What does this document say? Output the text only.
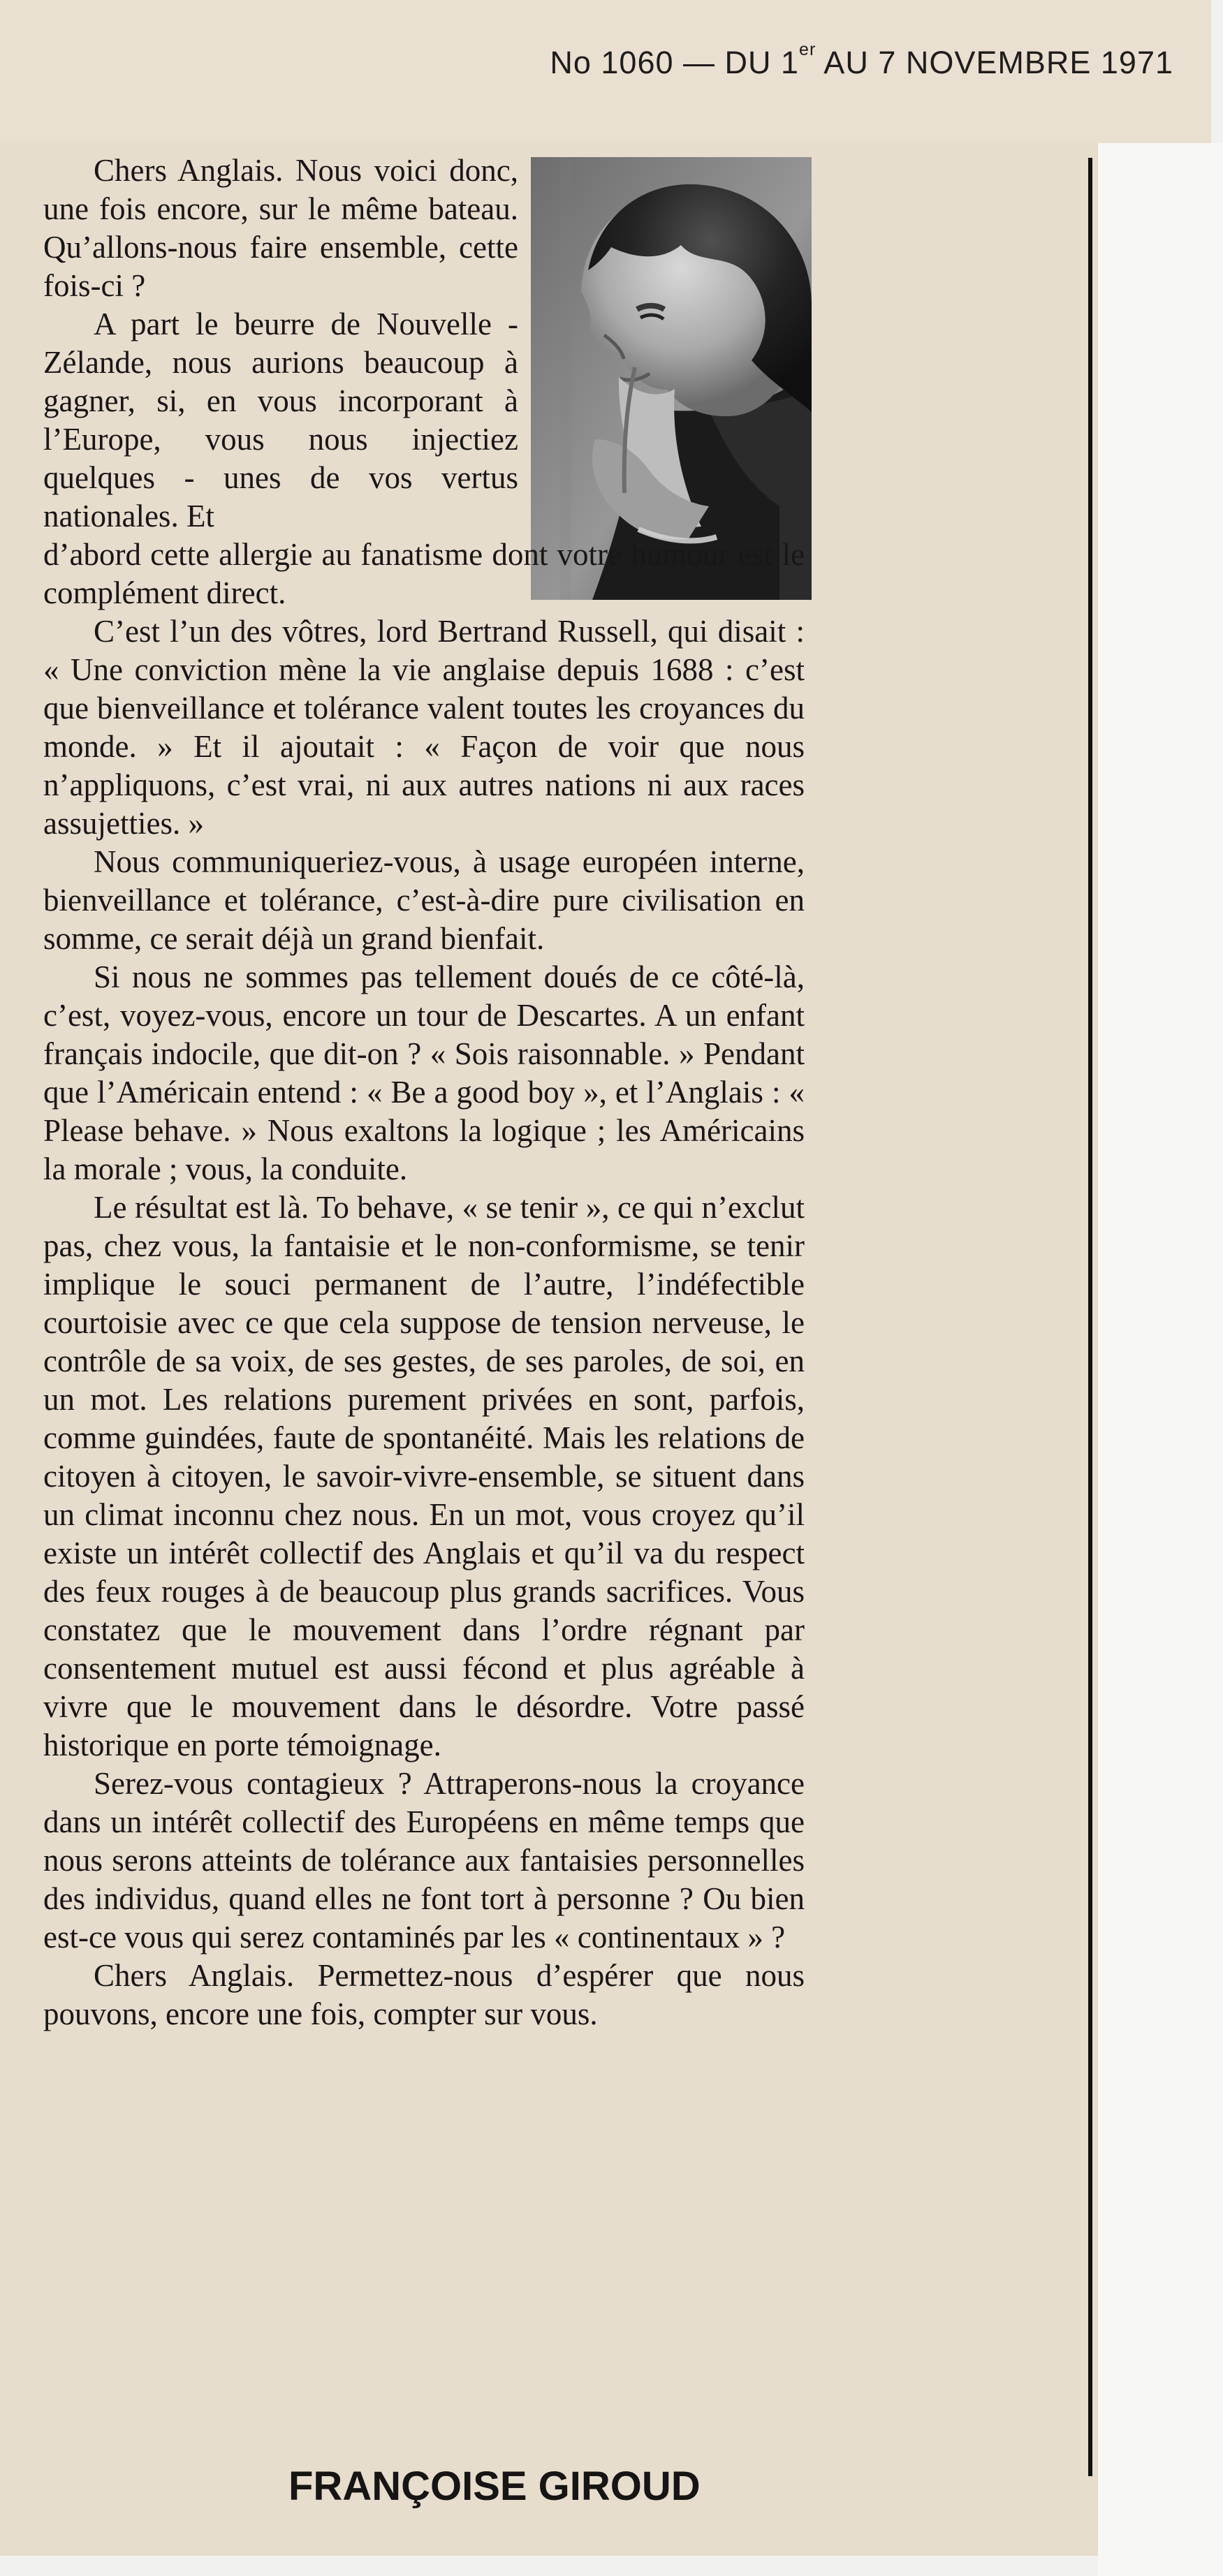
No 1060 — DU 1er AU 7 NOVEMBRE 1971

Chers Anglais. Nous voici donc, une fois encore, sur le même bateau. Qu’allons-nous faire ensemble, cette fois-ci ?

A part le beurre de Nouvelle - Zélande, nous aurions beaucoup à gagner, si, en vous incorporant à l’Europe, vous nous injectiez quelques - unes de vos vertus nationales. Et

d’abord cette allergie au fanatisme dont votre humour est le complément direct.

C’est l’un des vôtres, lord Bertrand Russell, qui disait : « Une conviction mène la vie anglaise depuis 1688 : c’est que bienveillance et tolérance valent toutes les croyances du monde. » Et il ajoutait : « Façon de voir que nous n’appliquons, c’est vrai, ni aux autres nations ni aux races assujetties. »

Nous communiqueriez-vous, à usage européen interne, bienveillance et tolérance, c’est-à-dire pure civilisation en somme, ce serait déjà un grand bienfait.

Si nous ne sommes pas tellement doués de ce côté-là, c’est, voyez-vous, encore un tour de Descartes. A un enfant français indocile, que dit-on ? « Sois raisonnable. » Pendant que l’Américain entend : « Be a good boy », et l’Anglais : « Please behave. » Nous exaltons la logique ; les Américains la morale ; vous, la conduite.

Le résultat est là. To behave, « se tenir », ce qui n’exclut pas, chez vous, la fantaisie et le non-conformisme, se tenir implique le souci permanent de l’autre, l’indéfectible courtoisie avec ce que cela suppose de tension nerveuse, le contrôle de sa voix, de ses gestes, de ses paroles, de soi, en un mot. Les relations purement privées en sont, parfois, comme guindées, faute de spontanéité. Mais les relations de citoyen à citoyen, le savoir-vivre-ensemble, se situent dans un climat inconnu chez nous. En un mot, vous croyez qu’il existe un intérêt collectif des Anglais et qu’il va du respect des feux rouges à de beaucoup plus grands sacrifices. Vous constatez que le mouvement dans l’ordre régnant par consentement mutuel est aussi fécond et plus agréable à vivre que le mouvement dans le désordre. Votre passé historique en porte témoignage.

Serez-vous contagieux ? Attraperons-nous la croyance dans un intérêt collectif des Européens en même temps que nous serons atteints de tolérance aux fantaisies personnelles des individus, quand elles ne font tort à personne ? Ou bien est-ce vous qui serez contaminés par les « continentaux » ?

Chers Anglais. Permettez-nous d’espérer que nous pouvons, encore une fois, compter sur vous.

FRANÇOISE GIROUD
